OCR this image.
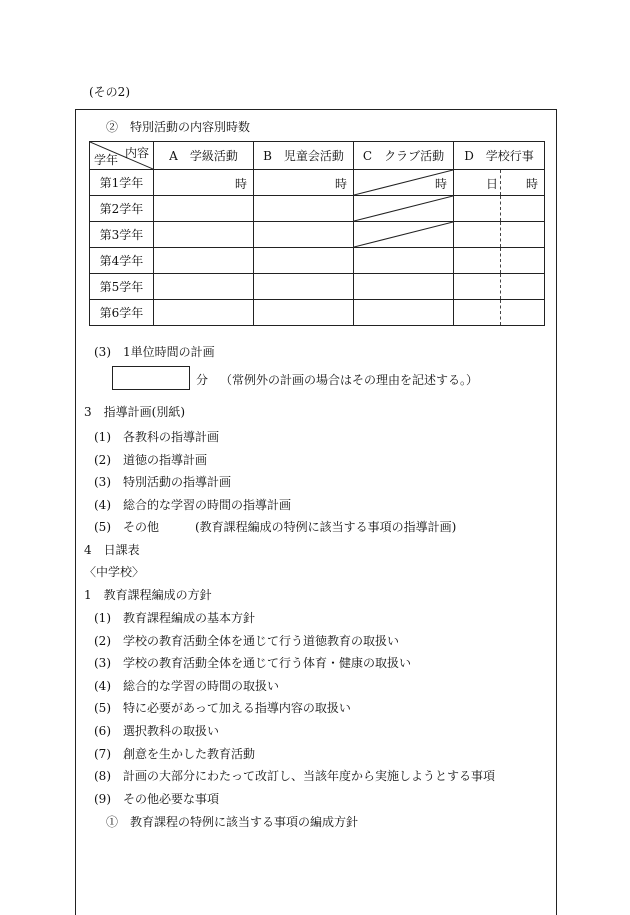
(その2)
②　特別活動の内容別時数
内容
学年	A　学級活動	B　児童会活動	C　クラブ活動	D　学校行事
第1学年	時	時	時	日 時

第2学年			

第3学年			

第4学年				

第5学年				

第6学年				
(3)　1単位時間の計画
分 （常例外の計画の場合はその理由を記述する。）
3　指導計画(別紙)
(1)　各教科の指導計画
(2)　道徳の指導計画
(3)　特別活動の指導計画
(4)　総合的な学習の時間の指導計画
(5)　その他　　　(教育課程編成の特例に該当する事項の指導計画)
4　日課表
〈中学校〉
1　教育課程編成の方針
(1)　教育課程編成の基本方針
(2)　学校の教育活動全体を通じて行う道徳教育の取扱い
(3)　学校の教育活動全体を通じて行う体育・健康の取扱い
(4)　総合的な学習の時間の取扱い
(5)　特に必要があって加える指導内容の取扱い
(6)　選択教科の取扱い
(7)　創意を生かした教育活動
(8)　計画の大部分にわたって改訂し、当該年度から実施しようとする事項
(9)　その他必要な事項
①　教育課程の特例に該当する事項の編成方針
